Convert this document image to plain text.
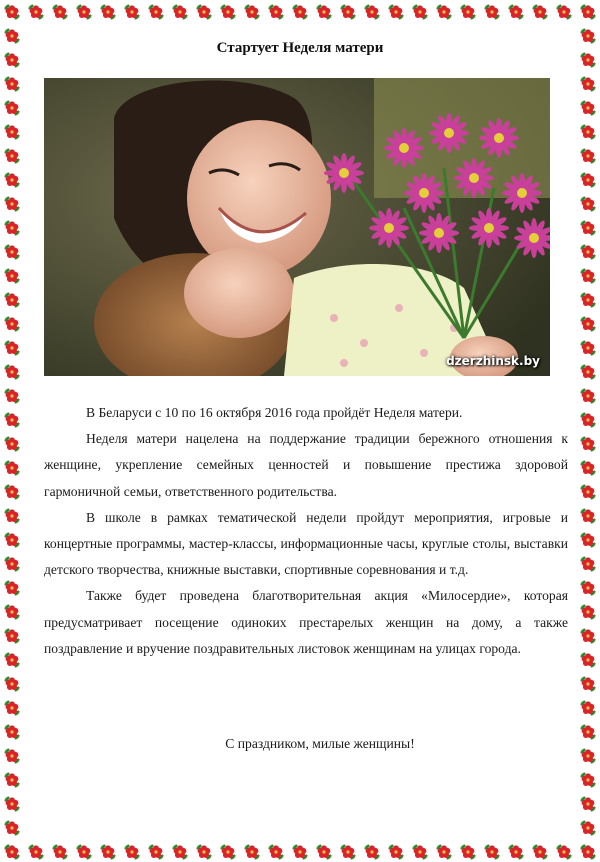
Стартует Неделя матери
dzerzhinsk.by

В Беларуси с 10 по 16 октября 2016 года пройдёт Неделя матери.

Неделя матери нацелена на поддержание традиции бережного отношения к женщине, укрепление семейных ценностей и повышение престижа здоровой гармоничной семьи, ответственного родительства.

В школе в рамках тематической недели пройдут мероприятия, игровые и концертные программы, мастер-классы, информационные часы, круглые столы, выставки детского творчества, книжные выставки, спортивные соревнования и т.д.

Также будет проведена благотворительная акция «Милосердие», которая предусматривает посещение одиноких престарелых женщин на дому, а также поздравление и вручение поздравительных листовок женщинам на улицах города.

С праздником, милые женщины!
